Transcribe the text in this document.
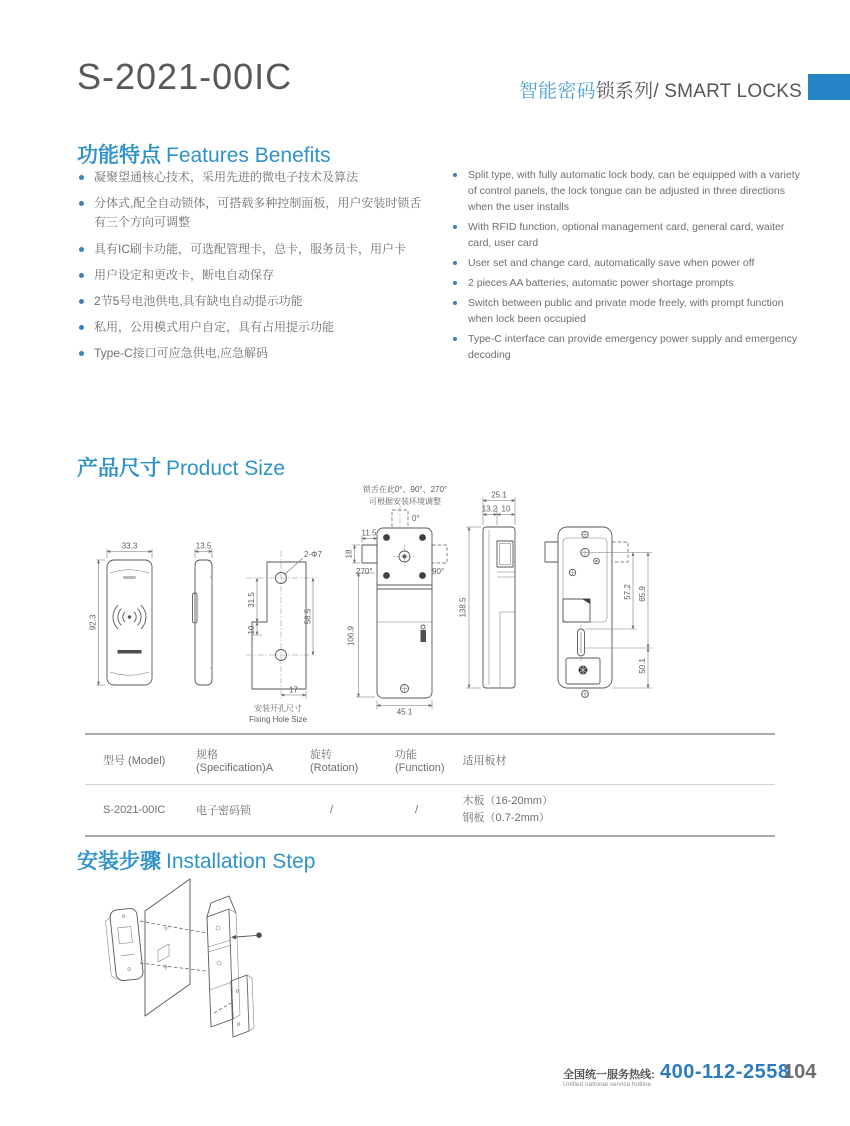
S-2021-00IC	智能密码锁系列/ SMART LOCKS
功能特点 Features Benefits
凝聚望通核心技术，采用先进的微电子技术及算法
分体式,配全自动锁体，可搭载多种控制面板，用户安装时锁舌有三个方向可调整
具有IC刷卡功能，可选配管理卡，总卡，服务员卡，用户卡
用户设定和更改卡，断电自动保存
2节5号电池供电,具有缺电自动提示功能
私用，公用模式用户自定，具有占用提示功能
Type-C接口可应急供电,应急解码
Split type, with fully automatic lock body, can be equipped with a variety of control panels, the lock tongue can be adjusted in three directions when the user installs
With RFID function, optional management card, general card, waiter card, user card
User set and change card, automatically save when power off
2 pieces AA batteries, automatic power shortage prompts
Switch between public and private mode freely, with prompt function when lock been occupied
Type-C interface can provide emergency power supply and emergency decoding
产品尺寸 Product Size
锁舌在此0°、90°、270°
可根据安装环境调整
33.3
92.3
13.5
2-Φ7
31.5
10
58.5
17
安装开孔尺寸
Fixing Hole Size
0°
11.5
18
270°	90°
106.9
45.1
25.1
13.2 10
138.5
57.2 65.9
50.1
型号 (Model)	规格 (Specification)A	旋转 (Rotation)	功能 (Function)	适用板材
S-2021-00IC	电子密码锁	/	/	木板（16-20mm）
钢板（0.7-2mm）
安装步骤 Installation Step
全国统一服务热线:
Unified national service hotline
400-112-2558
104
